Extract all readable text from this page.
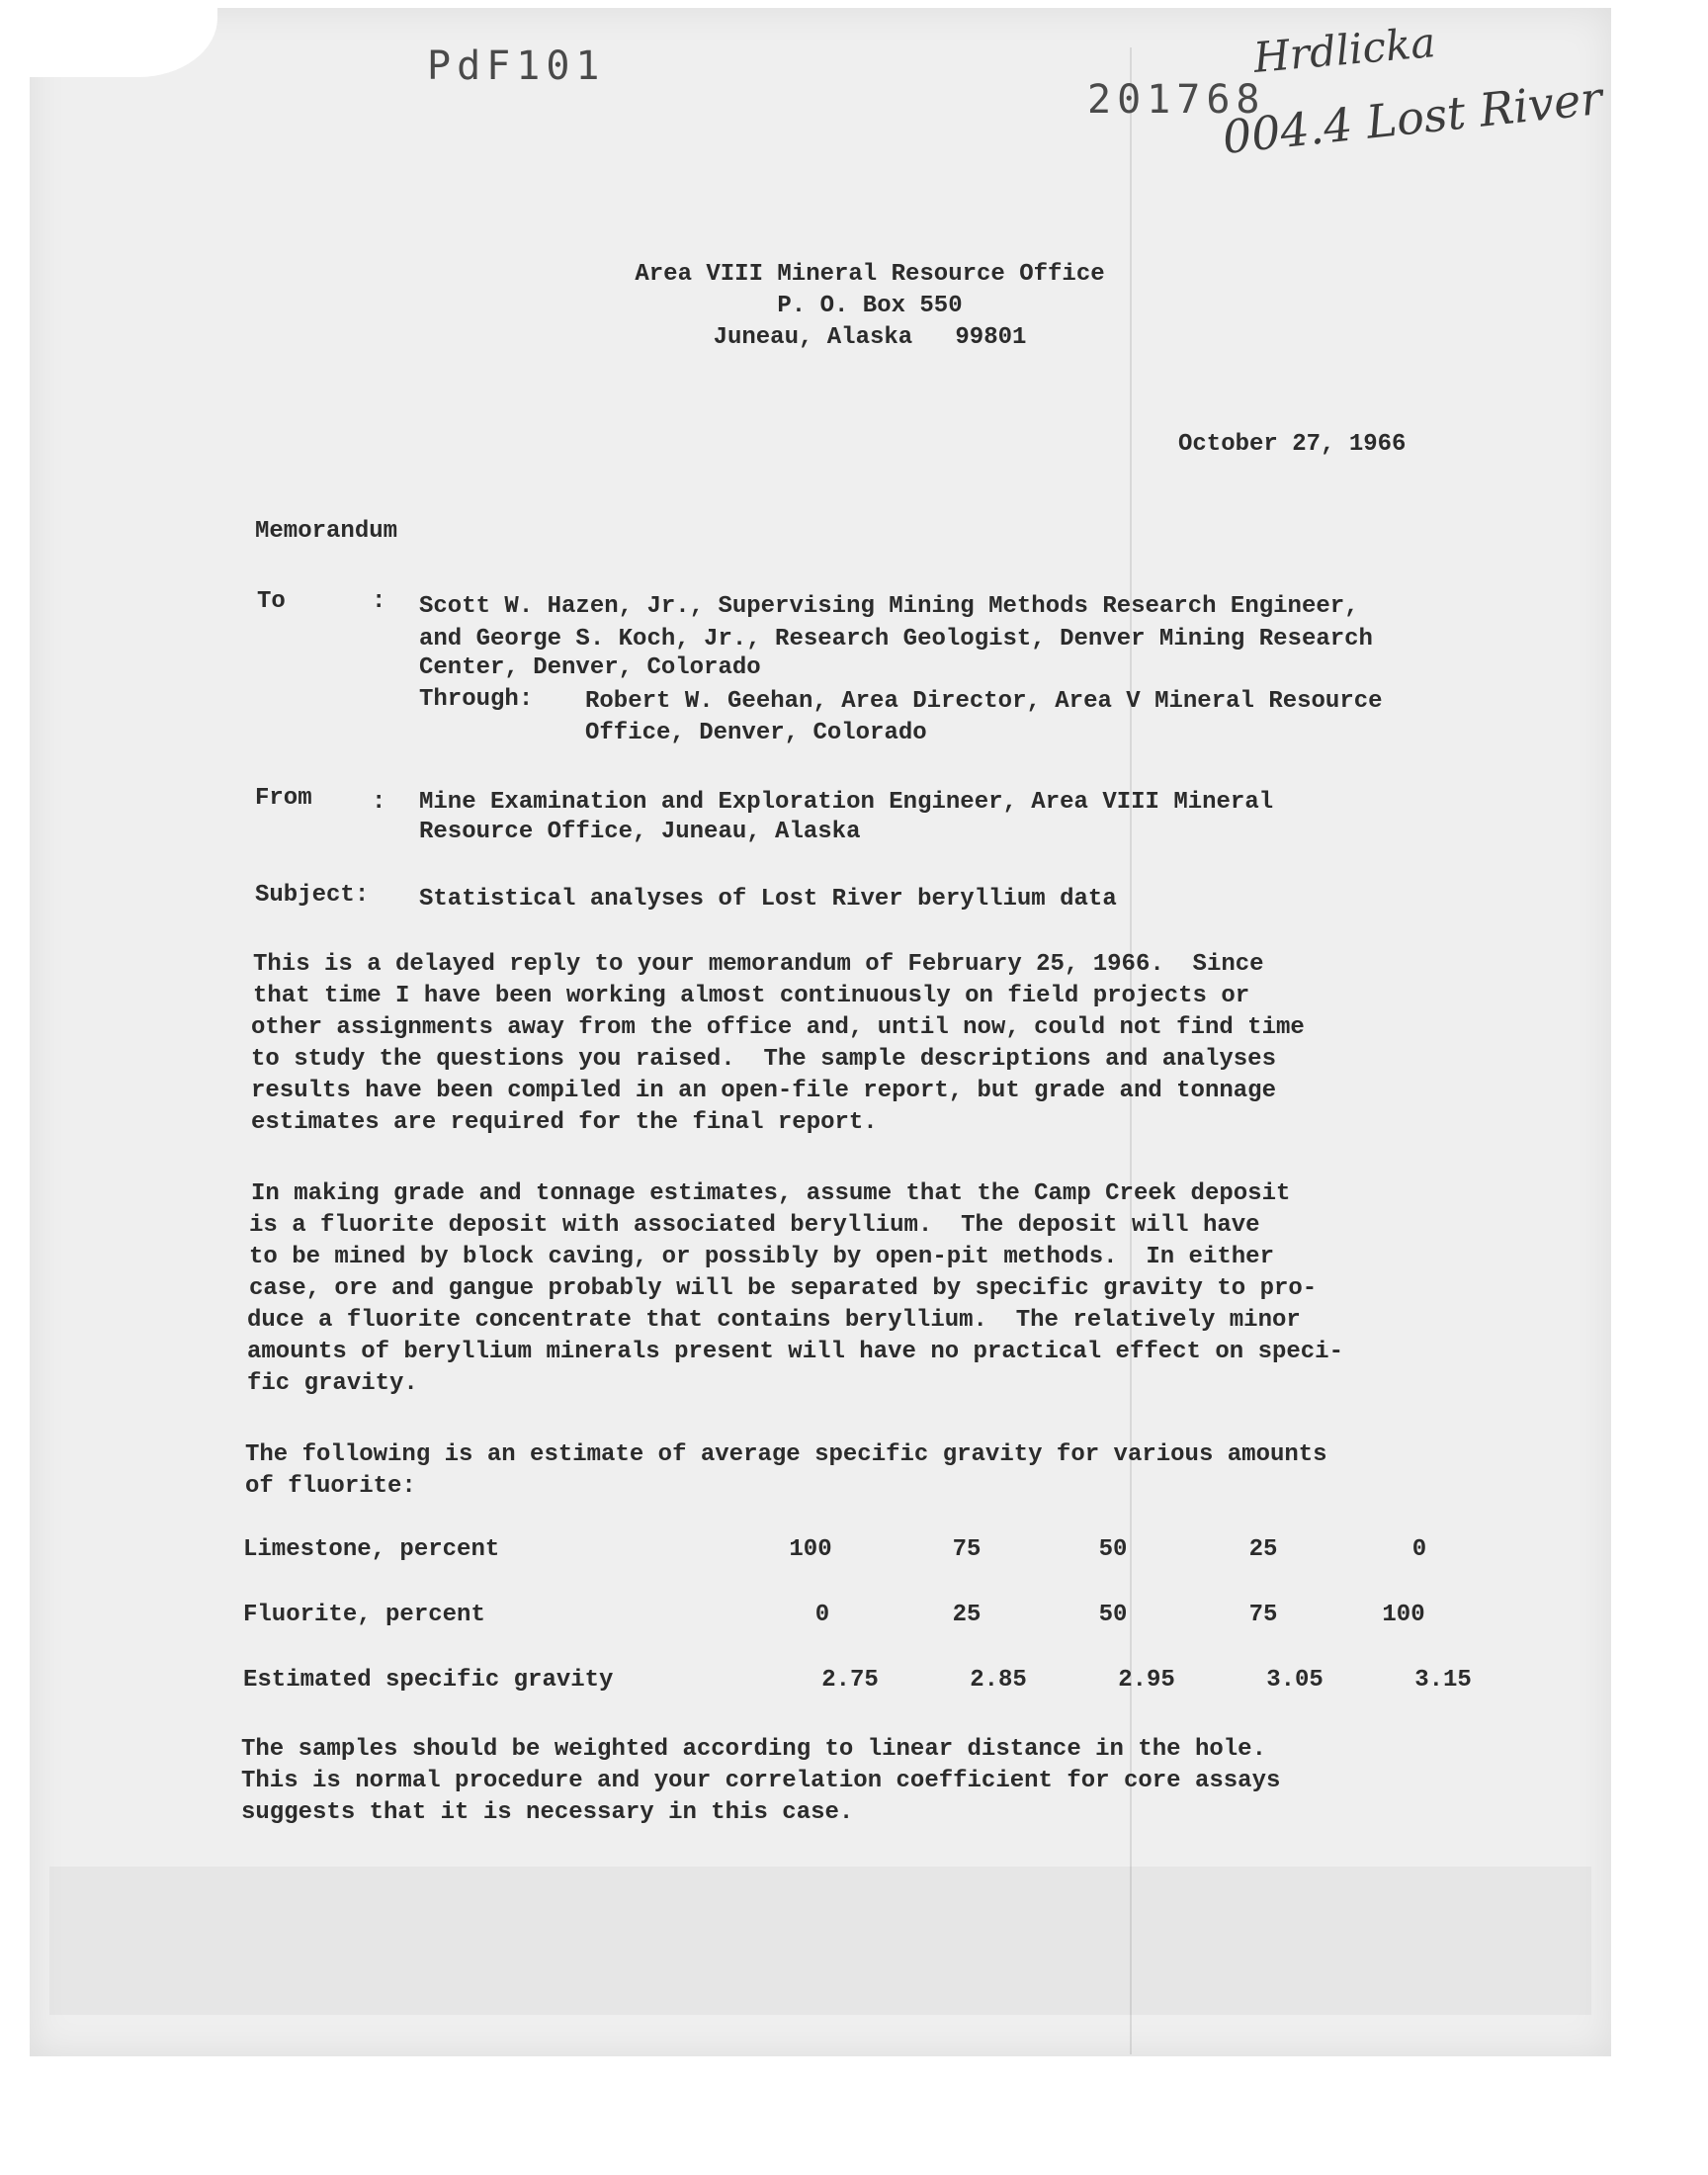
PdF101
201768
Hrdlicka
004.4 Lost River
Area VIII Mineral Resource Office
P. O. Box 550
Juneau, Alaska   99801
October 27, 1966
Memorandum
To	: Scott W. Hazen, Jr., Supervising Mining Methods Research Engineer,
and George S. Koch, Jr., Research Geologist, Denver Mining Research
Center, Denver, Colorado
Through: Robert W. Geehan, Area Director, Area V Mineral Resource
Office, Denver, Colorado
From	: Mine Examination and Exploration Engineer, Area VIII Mineral
Resource Office, Juneau, Alaska
Subject: Statistical analyses of Lost River beryllium data
This is a delayed reply to your memorandum of February 25, 1966.  Since
that time I have been working almost continuously on field projects or
other assignments away from the office and, until now, could not find time
to study the questions you raised.  The sample descriptions and analyses
results have been compiled in an open-file report, but grade and tonnage
estimates are required for the final report.
In making grade and tonnage estimates, assume that the Camp Creek deposit
is a fluorite deposit with associated beryllium.  The deposit will have
to be mined by block caving, or possibly by open-pit methods.  In either
case, ore and gangue probably will be separated by specific gravity to pro-
duce a fluorite concentrate that contains beryllium.  The relatively minor
amounts of beryllium minerals present will have no practical effect on speci-
fic gravity.
The following is an estimate of average specific gravity for various amounts
of fluorite:
Limestone, percent	100	75	50	25	0
Fluorite, percent	0	25	50	75	100
Estimated specific gravity	2.75	2.85	2.95	3.05	3.15
The samples should be weighted according to linear distance in the hole.
This is normal procedure and your correlation coefficient for core assays
suggests that it is necessary in this case.
